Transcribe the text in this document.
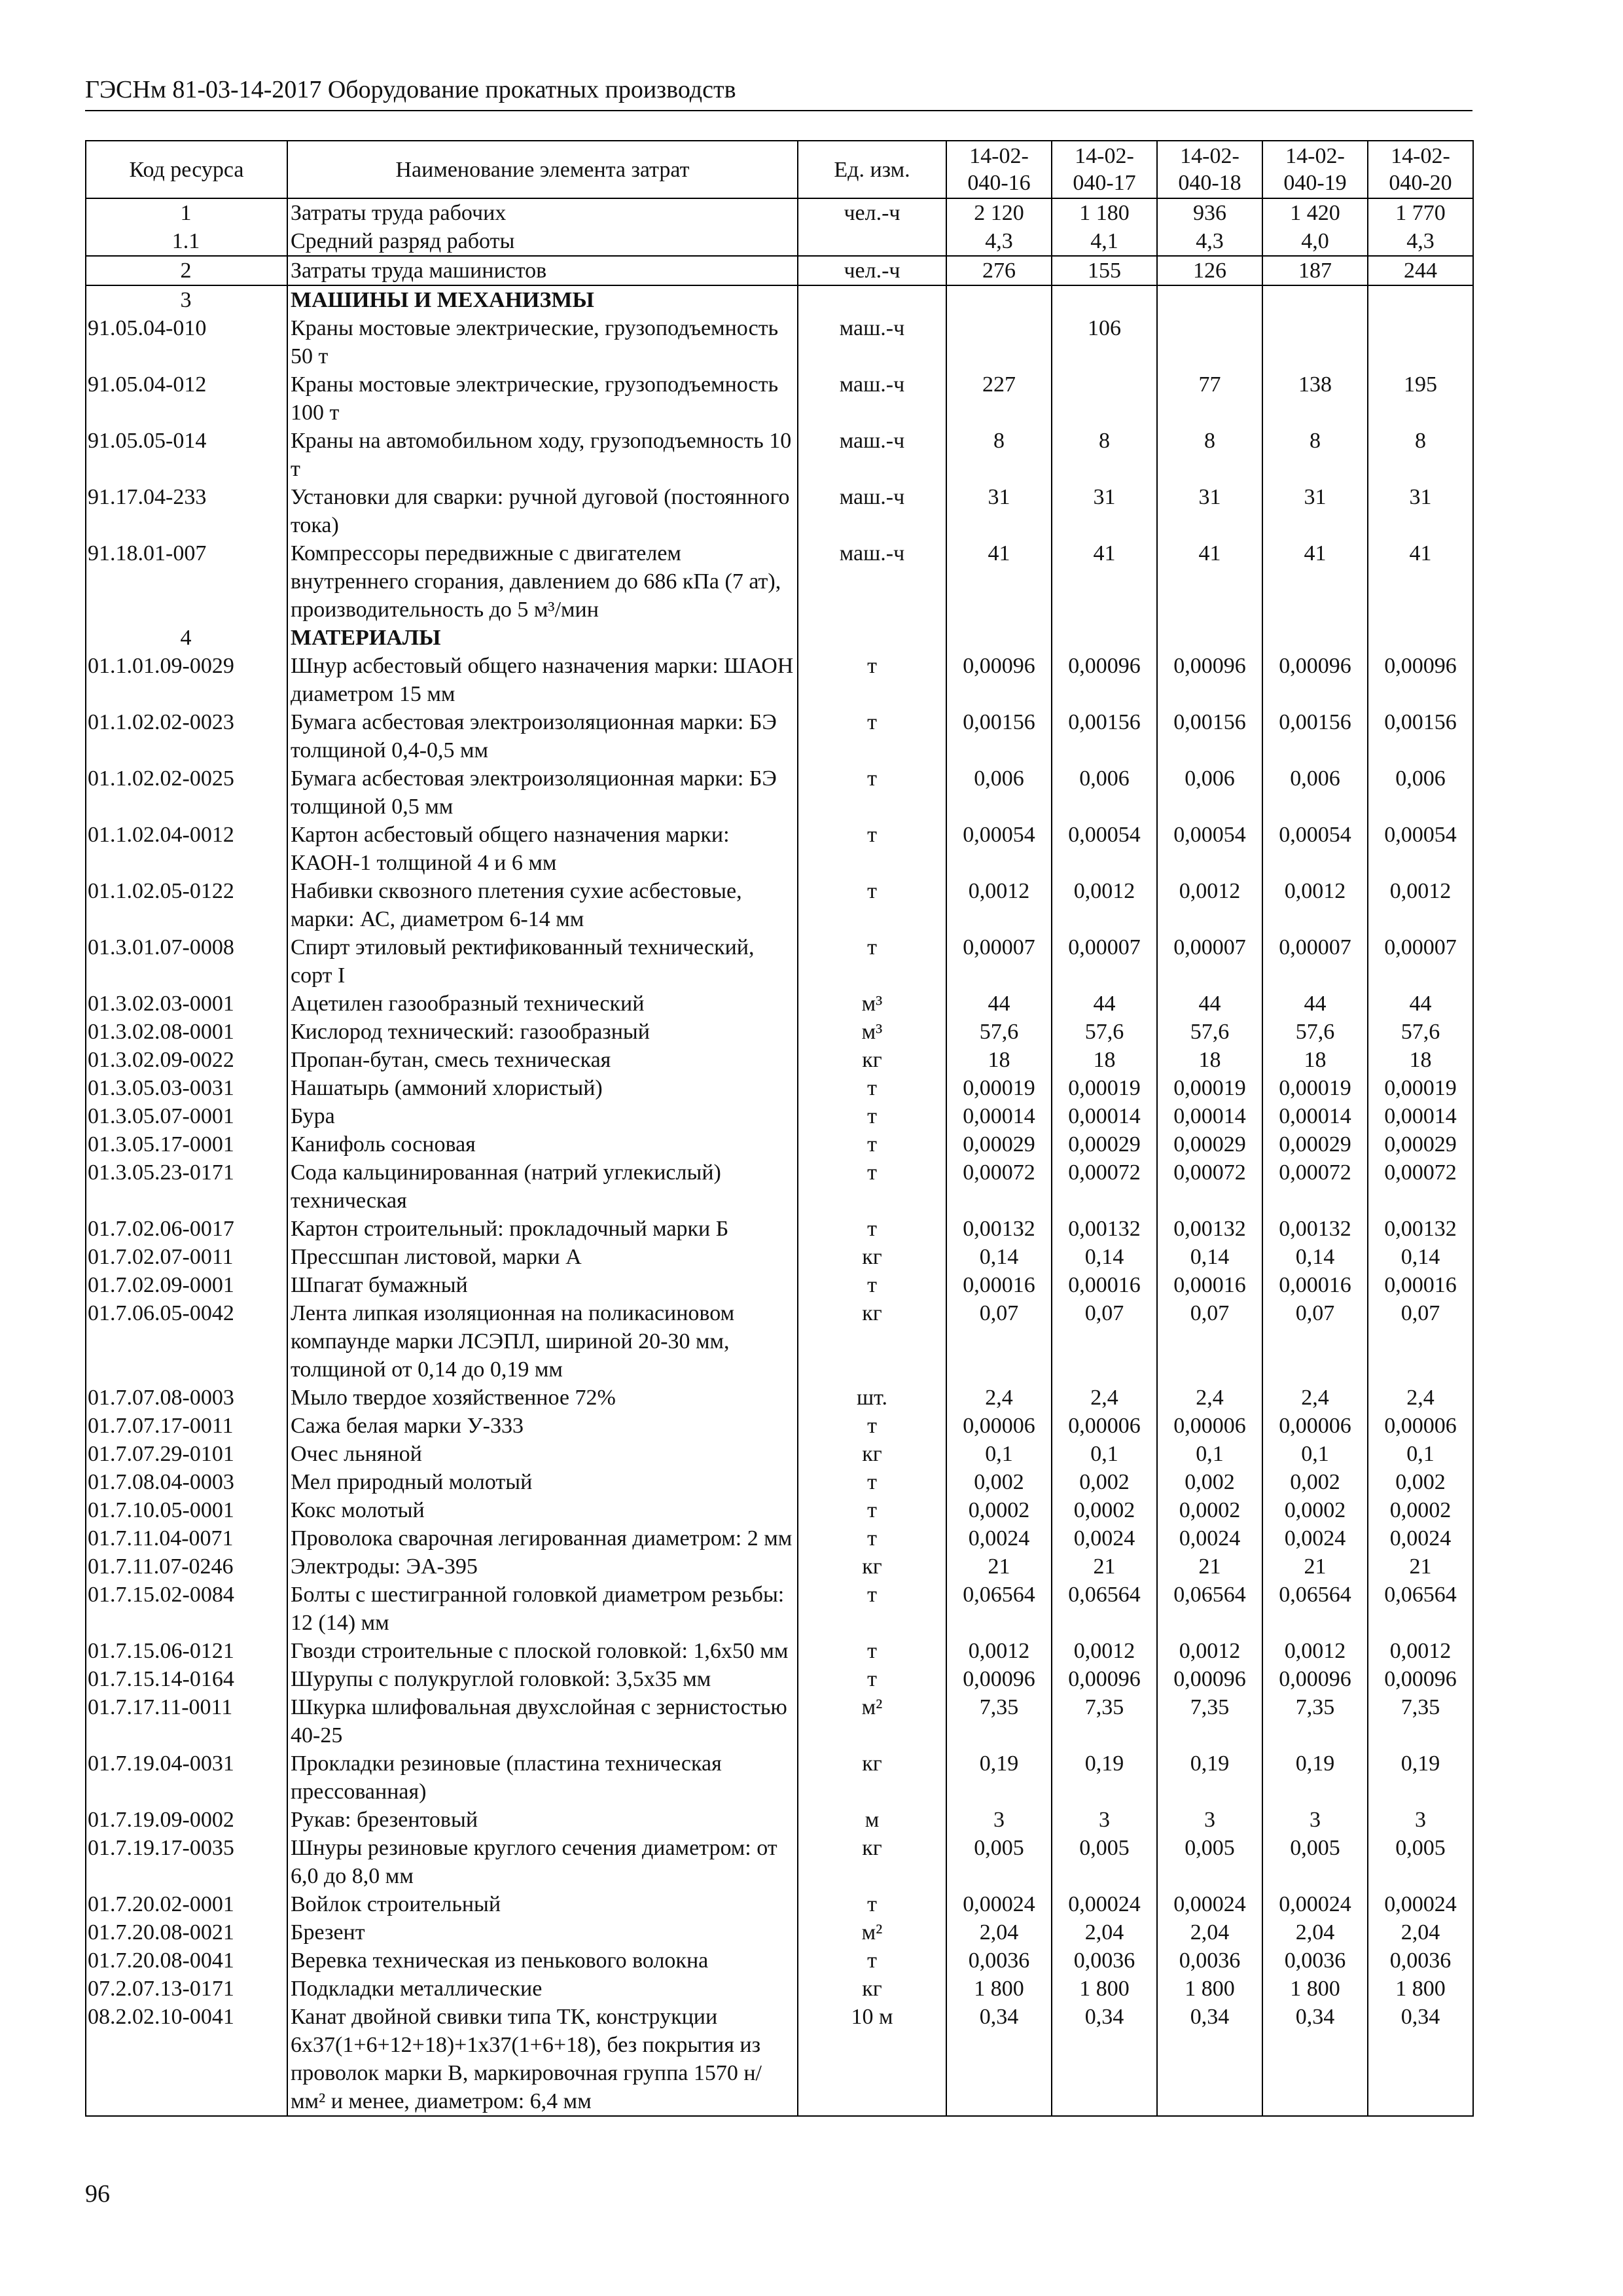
ГЭСНм 81-03-14-2017 Оборудование прокатных производств
Код ресурса	Наименование элемента затрат	Ед. изм.	14-02-040-16	14-02-040-17	14-02-040-18	14-02-040-19	14-02-040-20
1	Затраты труда рабочих	чел.-ч	2 120	1 180	936	1 420	1 770
1.1	Средний разряд работы		4,3	4,1	4,3	4,0	4,3
2	Затраты труда машинистов	чел.-ч	276	155	126	187	244
3	МАШИНЫ И МЕХАНИЗМЫ						
91.05.04-010	Краны мостовые электрические, грузоподъемность 50 т	маш.-ч		106			
91.05.04-012	Краны мостовые электрические, грузоподъемность 100 т	маш.-ч	227		77	138	195
91.05.05-014	Краны на автомобильном ходу, грузоподъемность 10 т	маш.-ч	8	8	8	8	8
91.17.04-233	Установки для сварки: ручной дуговой (постоянного тока)	маш.-ч	31	31	31	31	31
91.18.01-007	Компрессоры передвижные с двигателем внутреннего сгорания, давлением до 686 кПа (7 ат), производительность до 5 м³/мин	маш.-ч	41	41	41	41	41
4	МАТЕРИАЛЫ						
01.1.01.09-0029	Шнур асбестовый общего назначения марки: ШАОН диаметром 15 мм	т	0,00096	0,00096	0,00096	0,00096	0,00096
01.1.02.02-0023	Бумага асбестовая электроизоляционная марки: БЭ толщиной 0,4-0,5 мм	т	0,00156	0,00156	0,00156	0,00156	0,00156
01.1.02.02-0025	Бумага асбестовая электроизоляционная марки: БЭ толщиной 0,5 мм	т	0,006	0,006	0,006	0,006	0,006
01.1.02.04-0012	Картон асбестовый общего назначения марки: КАОН-1 толщиной 4 и 6 мм	т	0,00054	0,00054	0,00054	0,00054	0,00054
01.1.02.05-0122	Набивки сквозного плетения сухие асбестовые, марки: АС, диаметром 6-14 мм	т	0,0012	0,0012	0,0012	0,0012	0,0012
01.3.01.07-0008	Спирт этиловый ректификованный технический, сорт I	т	0,00007	0,00007	0,00007	0,00007	0,00007
01.3.02.03-0001	Ацетилен газообразный технический	м³	44	44	44	44	44
01.3.02.08-0001	Кислород технический: газообразный	м³	57,6	57,6	57,6	57,6	57,6
01.3.02.09-0022	Пропан-бутан, смесь техническая	кг	18	18	18	18	18
01.3.05.03-0031	Нашатырь (аммоний хлористый)	т	0,00019	0,00019	0,00019	0,00019	0,00019
01.3.05.07-0001	Бура	т	0,00014	0,00014	0,00014	0,00014	0,00014
01.3.05.17-0001	Канифоль сосновая	т	0,00029	0,00029	0,00029	0,00029	0,00029
01.3.05.23-0171	Сода кальцинированная (натрий углекислый) техническая	т	0,00072	0,00072	0,00072	0,00072	0,00072
01.7.02.06-0017	Картон строительный: прокладочный марки Б	т	0,00132	0,00132	0,00132	0,00132	0,00132
01.7.02.07-0011	Прессшпан листовой, марки А	кг	0,14	0,14	0,14	0,14	0,14
01.7.02.09-0001	Шпагат бумажный	т	0,00016	0,00016	0,00016	0,00016	0,00016
01.7.06.05-0042	Лента липкая изоляционная на поликасиновом компаунде марки ЛСЭПЛ, шириной 20-30 мм, толщиной от 0,14 до 0,19 мм	кг	0,07	0,07	0,07	0,07	0,07
01.7.07.08-0003	Мыло твердое хозяйственное 72%	шт.	2,4	2,4	2,4	2,4	2,4
01.7.07.17-0011	Сажа белая марки У-333	т	0,00006	0,00006	0,00006	0,00006	0,00006
01.7.07.29-0101	Очес льняной	кг	0,1	0,1	0,1	0,1	0,1
01.7.08.04-0003	Мел природный молотый	т	0,002	0,002	0,002	0,002	0,002
01.7.10.05-0001	Кокс молотый	т	0,0002	0,0002	0,0002	0,0002	0,0002
01.7.11.04-0071	Проволока сварочная легированная диаметром: 2 мм	т	0,0024	0,0024	0,0024	0,0024	0,0024
01.7.11.07-0246	Электроды: ЭА-395	кг	21	21	21	21	21
01.7.15.02-0084	Болты с шестигранной головкой диаметром резьбы: 12 (14) мм	т	0,06564	0,06564	0,06564	0,06564	0,06564
01.7.15.06-0121	Гвозди строительные с плоской головкой: 1,6x50 мм	т	0,0012	0,0012	0,0012	0,0012	0,0012
01.7.15.14-0164	Шурупы с полукруглой головкой: 3,5x35 мм	т	0,00096	0,00096	0,00096	0,00096	0,00096
01.7.17.11-0011	Шкурка шлифовальная двухслойная с зернистостью 40-25	м²	7,35	7,35	7,35	7,35	7,35
01.7.19.04-0031	Прокладки резиновые (пластина техническая прессованная)	кг	0,19	0,19	0,19	0,19	0,19
01.7.19.09-0002	Рукав: брезентовый	м	3	3	3	3	3
01.7.19.17-0035	Шнуры резиновые круглого сечения диаметром: от 6,0 до 8,0 мм	кг	0,005	0,005	0,005	0,005	0,005
01.7.20.02-0001	Войлок строительный	т	0,00024	0,00024	0,00024	0,00024	0,00024
01.7.20.08-0021	Брезент	м²	2,04	2,04	2,04	2,04	2,04
01.7.20.08-0041	Веревка техническая из пенькового волокна	т	0,0036	0,0036	0,0036	0,0036	0,0036
07.2.07.13-0171	Подкладки металлические	кг	1 800	1 800	1 800	1 800	1 800
08.2.02.10-0041	Канат двойной свивки типа ТК, конструкции 6x37(1+6+12+18)+1x37(1+6+18), без покрытия из проволок марки В, маркировочная группа 1570 н/мм² и менее, диаметром: 6,4 мм	10 м	0,34	0,34	0,34	0,34	0,34
96
